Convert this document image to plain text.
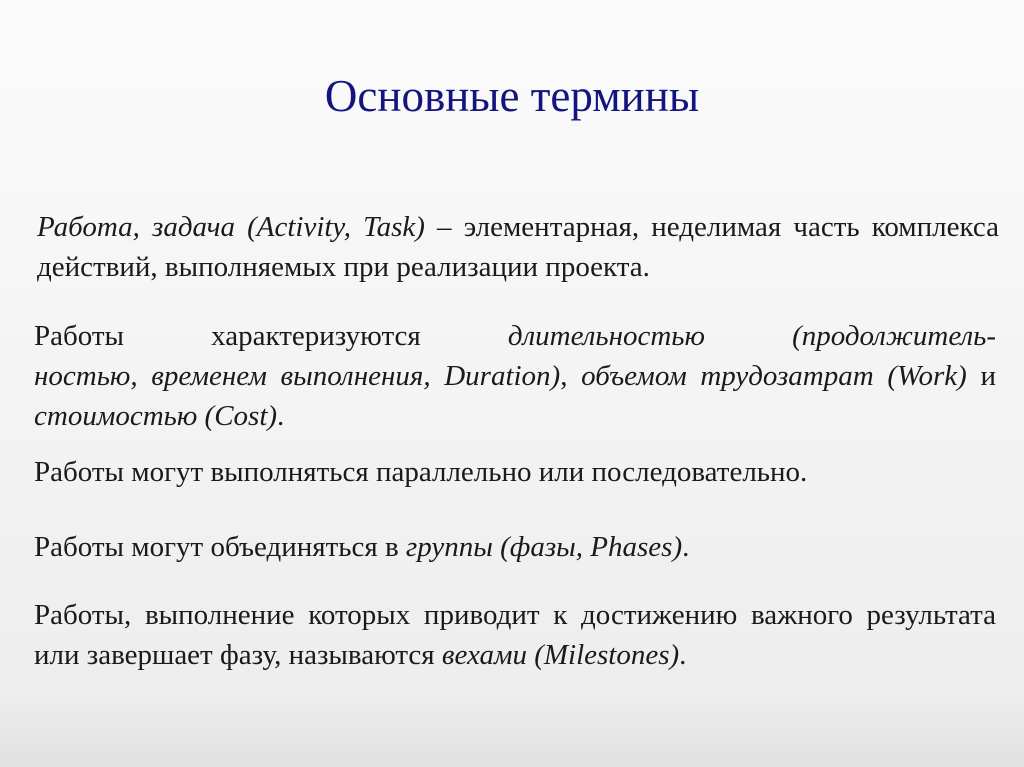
Основные термины

Работа, задача (Activity, Task) – элементарная, неделимая часть комплекса действий, выполняемых при реализации проекта.

Работы характеризуются длительностью (продолжитель-
ностью, временем выполнения, Duration), объемом трудозатрат (Work) и стоимостью (Cost).

Работы могут выполняться параллельно или последовательно.

Работы могут объединяться в группы (фазы, Phases).

Работы, выполнение которых приводит к достижению важного результата или завершает фазу, называются вехами (Milestones).
